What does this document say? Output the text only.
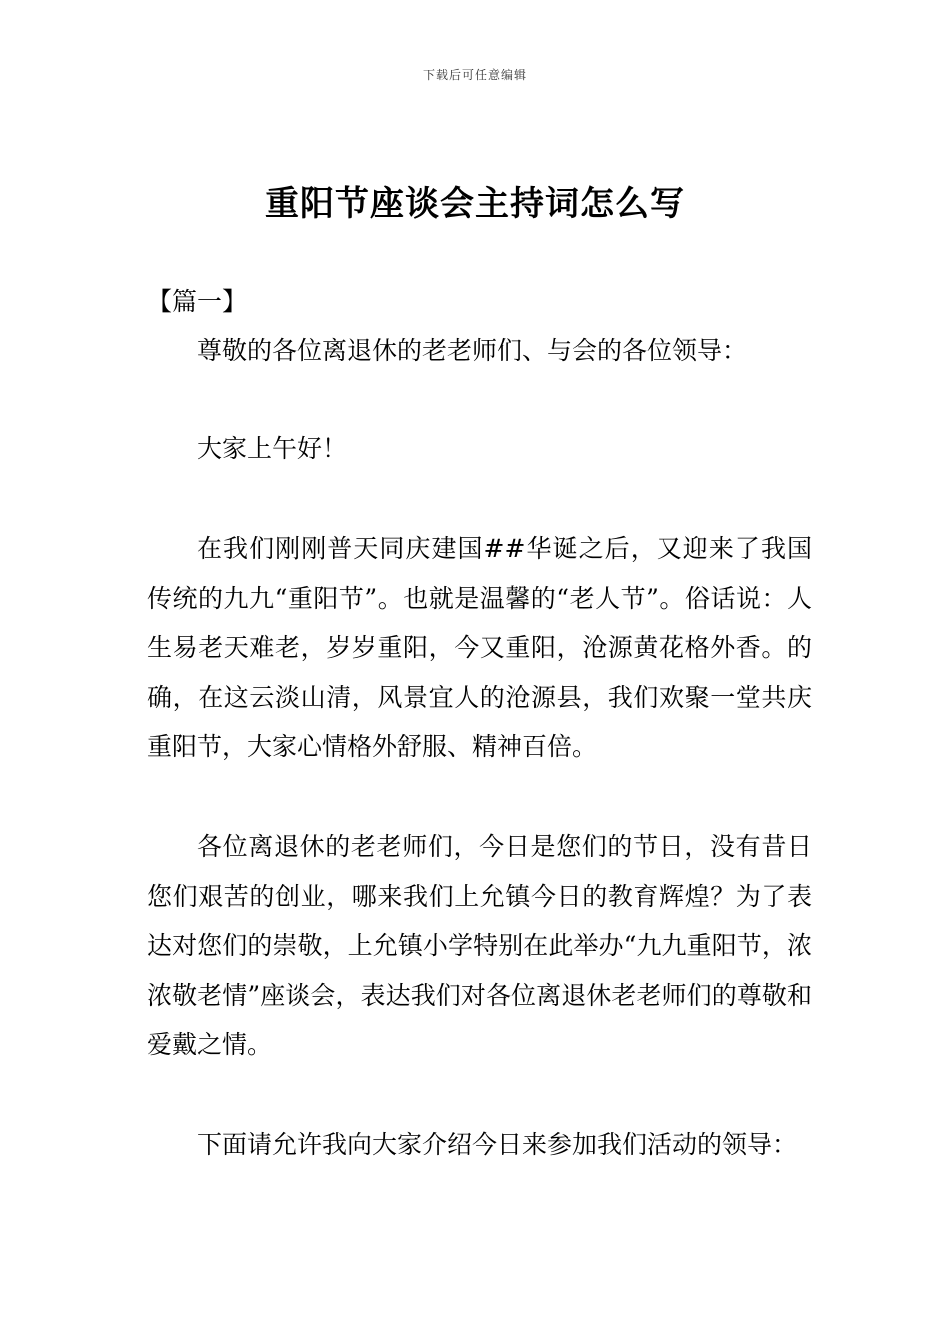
下载后可任意编辑
重阳节座谈会主持词怎么写
【篇一】

尊敬的各位离退休的老老师们、与会的各位领导：

大家上午好！

在我们刚刚普天同庆建国##华诞之后，又迎来了我国传统的九九“重阳节”。也就是温馨的“老人节”。俗话说：人生易老天难老，岁岁重阳，今又重阳，沧源黄花格外香。的确，在这云淡山清，风景宜人的沧源县，我们欢聚一堂共庆重阳节，大家心情格外舒服、精神百倍。

各位离退休的老老师们，今日是您们的节日，没有昔日您们艰苦的创业，哪来我们上允镇今日的教育辉煌？为了表达对您们的崇敬，上允镇小学特别在此举办“九九重阳节，浓浓敬老情”座谈会，表达我们对各位离退休老老师们的尊敬和爱戴之情。

下面请允许我向大家介绍今日来参加我们活动的领导：
